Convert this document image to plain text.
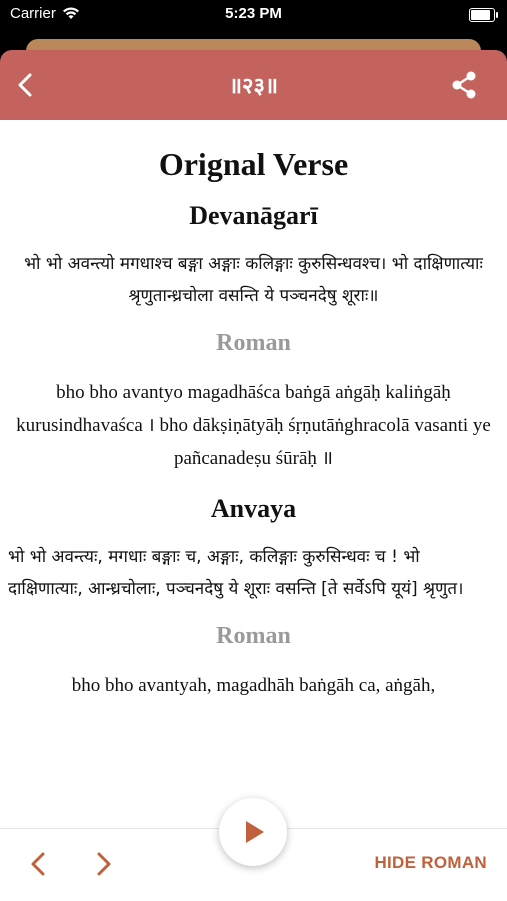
Carrier	5:23 PM
॥२३॥
Orignal Verse
Devanāgarī

भो भो अवन्त्यो मगधाश्च बङ्गा अङ्गाः कलिङ्गाः कुरुसिन्धवश्च। भो दाक्षिणात्याः श्रृणुतान्ध्रचोला वसन्ति ये पञ्चनदेषु शूराः॥

Roman

bho bho avantyo magadhāśca baṅgā aṅgāḥ kaliṅgāḥ kurusindhavaśca । bho dākṣiṇātyāḥ śṛṇutāṅghracolā vasanti ye pañcanadeṣu śūrāḥ ॥

Anvaya

भो भो अवन्त्यः, मगधाः बङ्गाः च, अङ्गाः, कलिङ्गाः कुरुसिन्धवः च ! भो दाक्षिणात्याः, आन्ध्रचोलाः, पञ्चनदेषु ये शूराः वसन्ति [ते सर्वेऽपि यूयं] श्रृणुत।

Roman

bho bho avantyah, magadhāh baṅgāh ca, aṅgāh,

HIDE ROMAN
